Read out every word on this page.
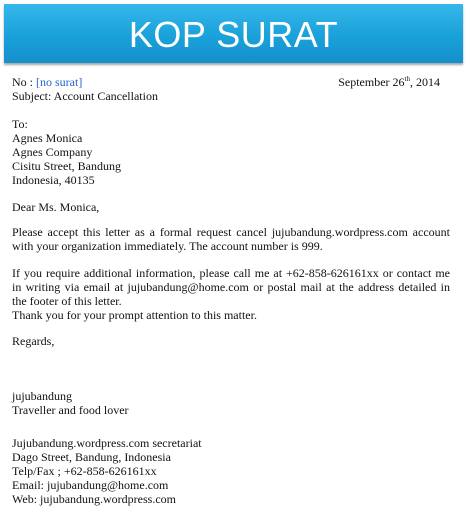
KOP SURAT
No : [no surat]	September 26th, 2014
Subject: Account Cancellation
To:
Agnes Monica
Agnes Company
Cisitu Street, Bandung
Indonesia, 40135
Dear Ms. Monica,
Please accept this letter as a formal request cancel jujubandung.wordpress.com account with your organization immediately. The account number is 999.
If you require additional information, please call me at +62-858-626161xx or contact me in writing via email at jujubandung@home.com or postal mail at the address detailed in the footer of this letter.
Thank you for your prompt attention to this matter.
Regards,
jujubandung
Traveller and food lover
Jujubandung.wordpress.com secretariat
Dago Street, Bandung, Indonesia
Telp/Fax ; +62-858-626161xx
Email: jujubandung@home.com
Web: jujubandung.wordpress.com
